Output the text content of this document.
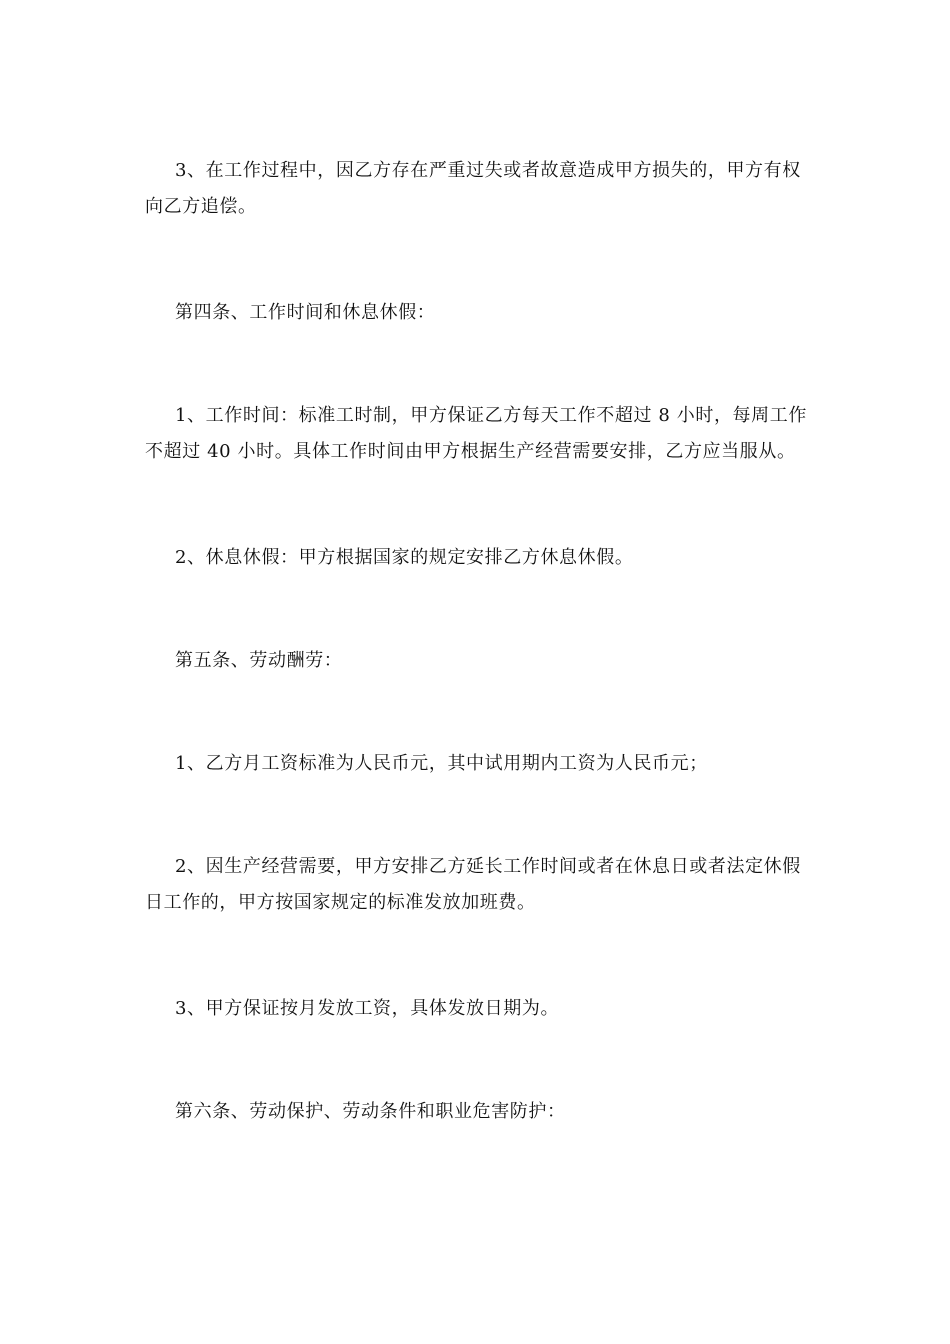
3、在工作过程中，因乙方存在严重过失或者故意造成甲方损失的，甲方有权向乙方追偿。

第四条、工作时间和休息休假：

1、工作时间：标准工时制，甲方保证乙方每天工作不超过 8 小时，每周工作不超过 40 小时。具体工作时间由甲方根据生产经营需要安排，乙方应当服从。

2、休息休假：甲方根据国家的规定安排乙方休息休假。

第五条、劳动酬劳：

1、乙方月工资标准为人民币元，其中试用期内工资为人民币元；

2、因生产经营需要，甲方安排乙方延长工作时间或者在休息日或者法定休假日工作的，甲方按国家规定的标准发放加班费。

3、甲方保证按月发放工资，具体发放日期为。

第六条、劳动保护、劳动条件和职业危害防护：
